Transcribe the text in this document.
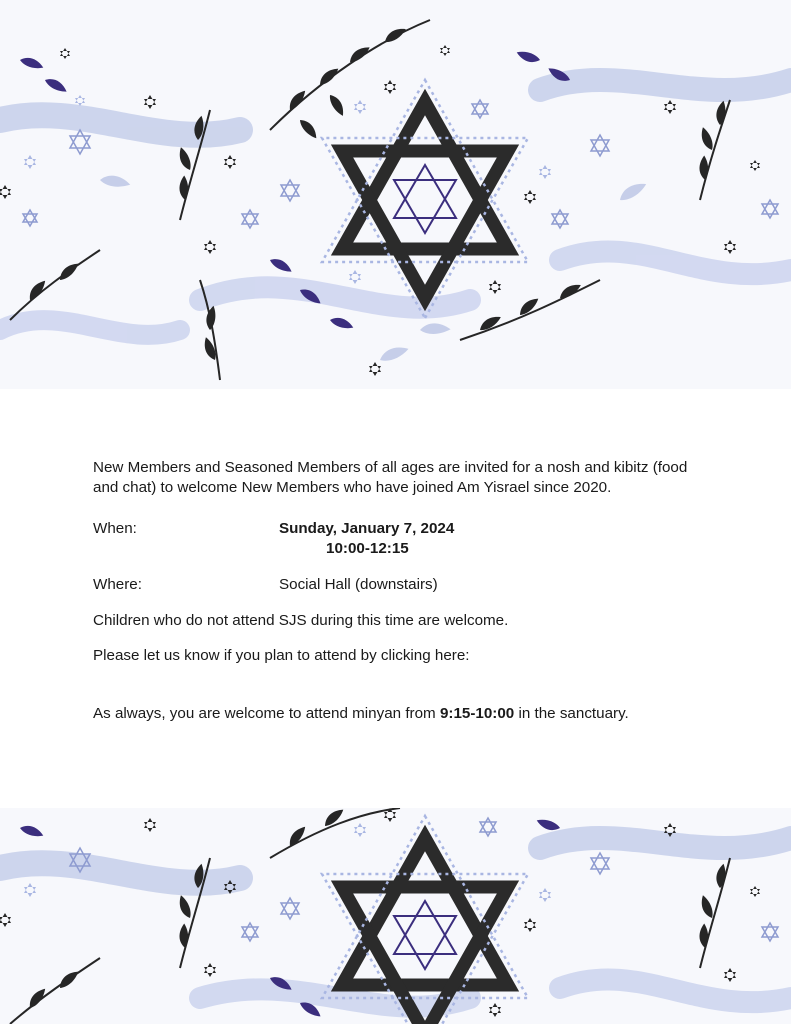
New Members and Seasoned Members of all ages are invited for a nosh and kibitz (food and chat) to welcome New Members who have joined Am Yisrael since 2020.

When:	Sunday, January 7, 2024
10:00-12:15
Where:	Social Hall (downstairs)

Children who do not attend SJS during this time are welcome.

Please let us know if you plan to attend by clicking here:

As always, you are welcome to attend minyan from 9:15-10:00 in the sanctuary.
